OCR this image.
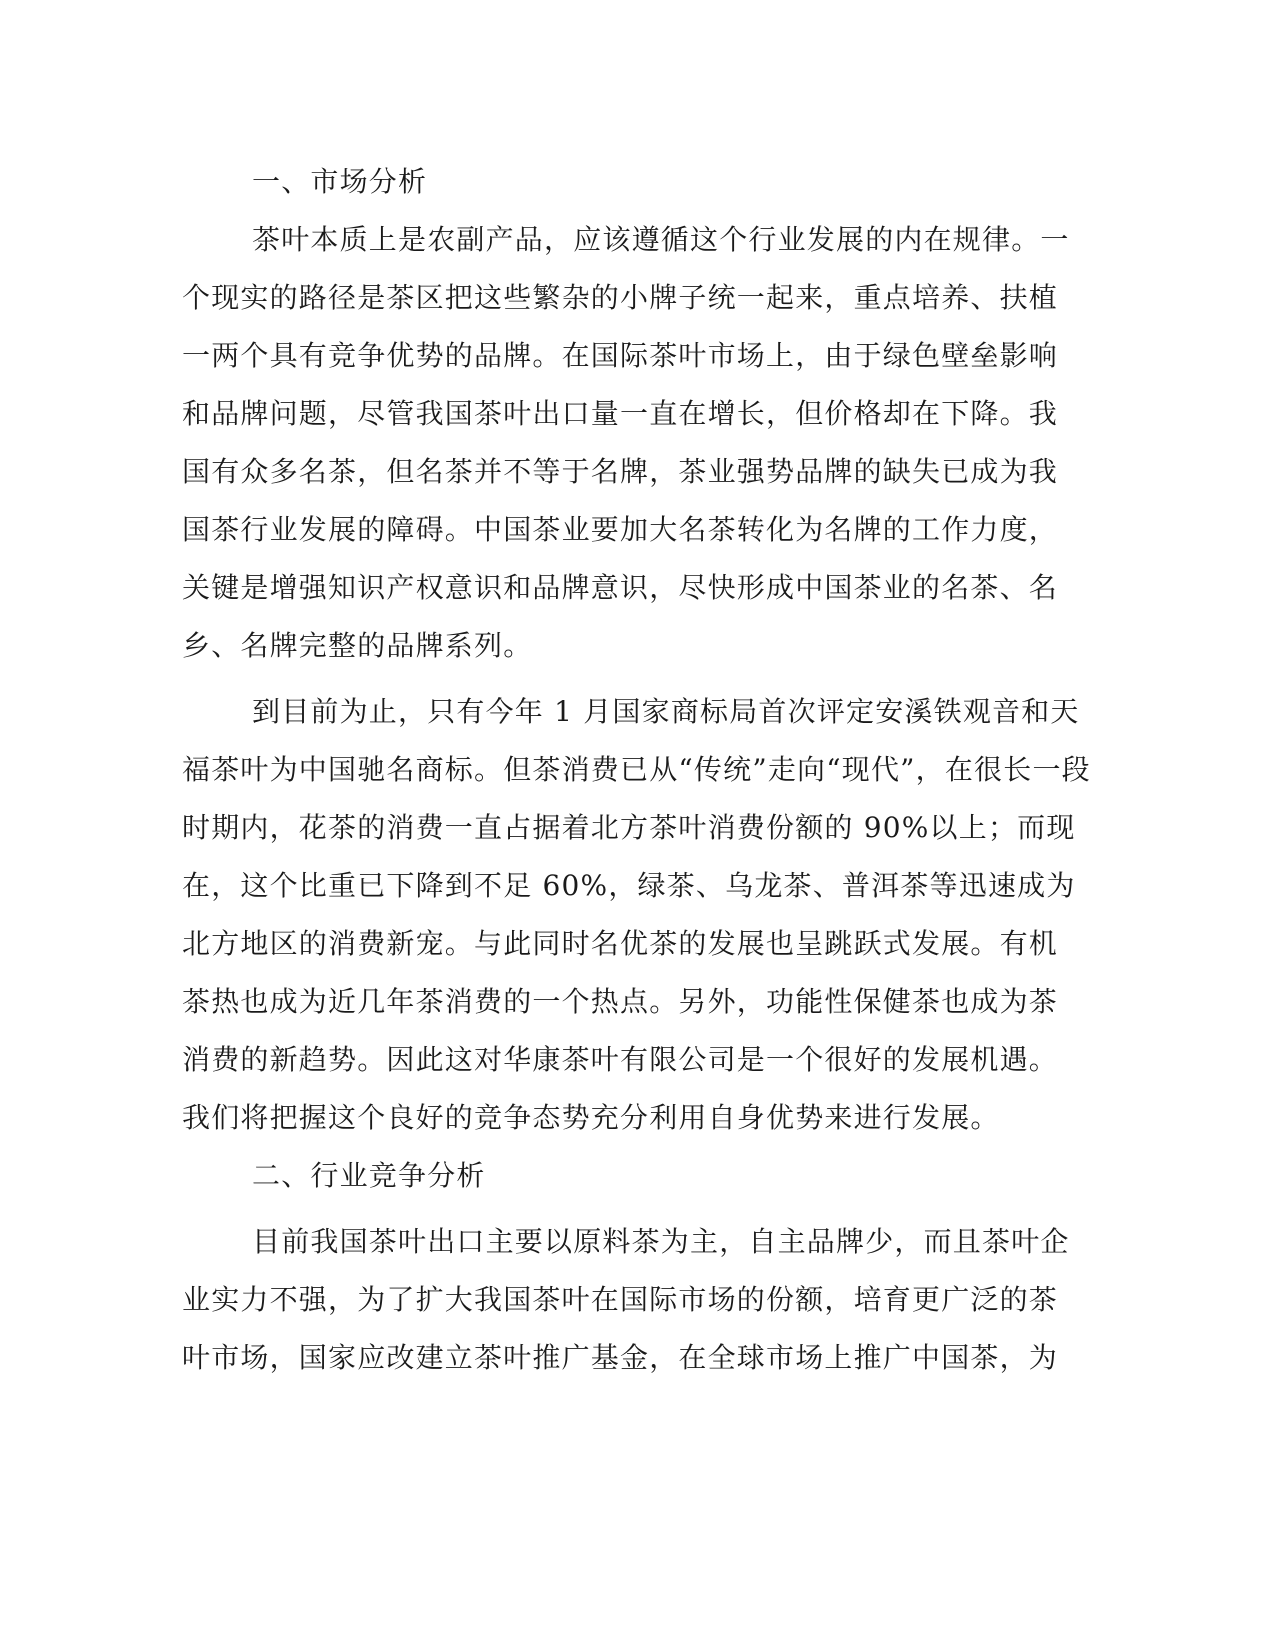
一、市场分析
茶叶本质上是农副产品，应该遵循这个行业发展的内在规律。一
个现实的路径是茶区把这些繁杂的小牌子统一起来，重点培养、扶植
一两个具有竞争优势的品牌。在国际茶叶市场上，由于绿色壁垒影响
和品牌问题，尽管我国茶叶出口量一直在增长，但价格却在下降。我
国有众多名茶，但名茶并不等于名牌，茶业强势品牌的缺失已成为我
国茶行业发展的障碍。中国茶业要加大名茶转化为名牌的工作力度，
关键是增强知识产权意识和品牌意识，尽快形成中国茶业的名茶、名
乡、名牌完整的品牌系列。
到目前为止，只有今年 1 月国家商标局首次评定安溪铁观音和天
福茶叶为中国驰名商标。但茶消费已从“传统”走向“现代”，在很长一段
时期内，花茶的消费一直占据着北方茶叶消费份额的 90%以上；而现
在，这个比重已下降到不足 60%，绿茶、乌龙茶、普洱茶等迅速成为
北方地区的消费新宠。与此同时名优茶的发展也呈跳跃式发展。有机
茶热也成为近几年茶消费的一个热点。另外，功能性保健茶也成为茶
消费的新趋势。因此这对华康茶叶有限公司是一个很好的发展机遇。
我们将把握这个良好的竞争态势充分利用自身优势来进行发展。
二、行业竞争分析
目前我国茶叶出口主要以原料茶为主，自主品牌少，而且茶叶企
业实力不强，为了扩大我国茶叶在国际市场的份额，培育更广泛的茶
叶市场，国家应改建立茶叶推广基金，在全球市场上推广中国茶，为
